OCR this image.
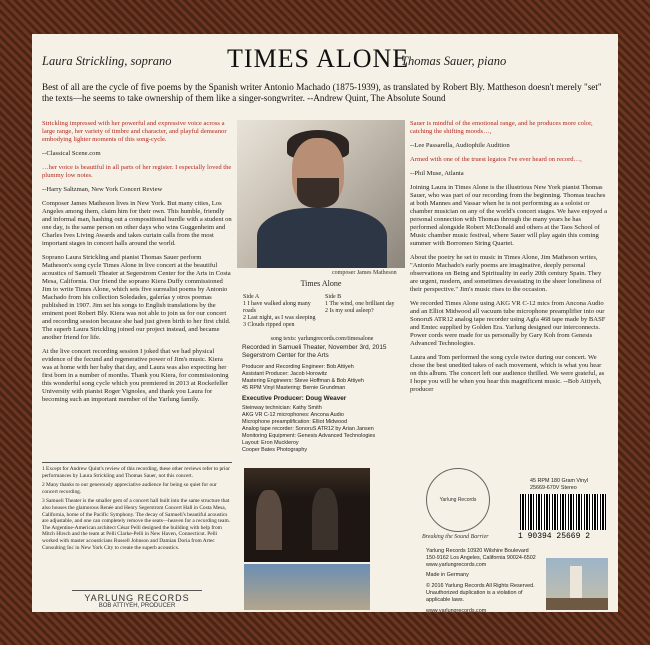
Laura Strickling, soprano TIMES ALONE
Thomas Sauer, piano
Best of all are the cycle of five poems by the Spanish writer Antonio Machado (1875-1939), as translated by Robert Bly. Mattheson doesn't merely "set" the texts—he seems to take ownership of them like a singer-songwriter. --Andrew Quint, The Absolute Sound

Strickling impressed with her powerful and expressive voice across a large range, her variety of timbre and character, and playful demeanor embodying lighter moments of this song-cycle.

--Classical Scene.com

…her voice is beautiful in all parts of her register. I especially loved the plummy low notes.

--Harry Saltzman, New York Concert Review

Composer James Matheson lives in New York. But many cities, Los Angeles among them, claim him for their own. This humble, friendly and informal man, hashing out a compositional hurdle with a student on one day, is the same person on other days who wins Guggenheim and Charles Ives Living Awards and takes curtain calls from the most important stages in concert halls around the world.

Soprano Laura Strickling and pianist Thomas Sauer perform Matheson's song cycle Times Alone in live concert at the beautiful acoustics of Samueli Theater at Segerstrom Center for the Arts in Costa Mesa, California. Our friend the soprano Kiera Duffy commissioned Jim to write Times Alone, which sets five surrealist poems by Antonio Machado from his collection Soledades, galerías y otros poemas published in 1907. Jim set his songs to English translations by the eminent poet Robert Bly. Kiera was not able to join us for our concert and recording session because she had just given birth to her first child. The superb Laura Strickling joined our project instead, and became another friend for life.

At the live concert recording session I joked that we had physical evidence of the fecund and regenerative power of Jim's music. Kiera was at home with her baby that day, and Laura was also expecting her first born in a number of months. Thank you Kiera, for commissioning this wonderful song cycle which you premiered in 2013 at Rockefeller University with pianist Roger Vignoles, and thank you Laura for becoming such an important member of the Yarlung family.

composer James Matheson
Times Alone
Side A
1 I have walked along many roads
2 Last night, as I was sleeping
3 Clouds ripped open
Side B
1 The wind, one brilliant day
2 Is my soul asleep?
song texts: yarlungrecords.com/timesalone
Recorded in Samueli Theater, November 3rd, 2015 Segerstrom Center for the Arts
Producer and Recording Engineer: Bob Attiyeh
Assistant Producer: Jacob Horowitz
Mastering Engineers: Steve Hoffman & Bob Attiyeh
45 RPM Vinyl Mastering: Bernie Grundman
Executive Producer: Doug Weaver
Steinway technician: Kathy Smith
AKG VR C-12 microphones: Ancona Audio
Microphone preamplification: Elliot Midwood
Analog tape recorder: SonoruS ATR12 by Arian Jansen
Monitoring Equipment: Genesis Advanced Technologies
Layout: Eron Muckleroy
Cooper Bates Photography

1 Except for Andrew Quint's review of this recording, these other reviews refer to prior performances by Laura Strickling and Thomas Sauer, not this concert.

2 Many thanks to our generously appreciative audience for being so quiet for our concert recording.

3 Samueli Theater is the smaller gem of a concert hall built into the same structure that also houses the glamorous Renée and Henry Segerstrom Concert Hall in Costa Mesa, California, home of the Pacific Symphony. The decay of Samueli's beautiful acoustics are adjustable, and one can completely remove the seats—heaven for a recording team. The Argentine-American architect César Pelli designed the building with help from Mitch Hirsch and the team at Pelli Clarke-Pelli in New Haven, Connecticut. Pelli worked with master acousticians Russell Johnson and Damian Doria from Artec Consulting Inc in New York City to create the superb acoustics.

YARLUNG RECORDS
BOB ATTIYEH, PRODUCER

Sauer is mindful of the emotional range, and he produces more color, catching the shifting moods…,

--Lee Passarella, Audiophile Audition

Armed with one of the truest legatos I've ever heard on record…,

--Phil Muse, Atlanta

Joining Laura in Times Alone is the illustrious New York pianist Thomas Sauer, who was part of our recording from the beginning. Thomas teaches at both Mannes and Vassar when he is not performing as a soloist or chamber musician on any of the world's concert stages. We have enjoyed a personal connection with Thomas through the many years he has performed alongside Robert McDonald and others at the Taos School of Music chamber music festival, where Sauer will play again this coming summer with Borromeo String Quartet.

About the poetry he set to music in Times Alone, Jim Matheson writes, "Antonio Machado's early poems are imaginative, deeply personal observations on Being and Spirituality in early 20th century Spain. They are urgent, modern, and sometimes devastating in the sheer loneliness of their perspective." Jim's music rises to the occasion.

We recorded Times Alone using AKG VR C-12 mics from Ancona Audio and an Elliot Midwood all vacuum tube microphone preamplifier into our SonoruS ATR12 analog tape recorder using Agfa 468 tape made by BASF and Emtec supplied by Golden Era. Yarlung designed our interconnects. Power cords were made for us personally by Gary Koh from Genesis Advanced Technologies.

Laura and Tom performed the song cycle twice during our concert. We chose the best unedited takes of each movement, which is what you hear on this album. The concert left our audience thrilled. We were grateful, as I hope you will be when you hear this magnificent music. --Bob Attiyeh, producer

Yarlung Records
Breaking the Sound Barrier
45 RPM 180 Gram Vinyl
25669-670V Stereo
1 90394 25669 2

Yarlung Records 10920 Wilshire Boulevard 150-9162 Los Angeles, California 90024-6502 www.yarlungrecords.com

Made in Germany

© 2016 Yarlung Records All Rights Reserved. Unauthorized duplication is a violation of applicable laws.

www.yarlungrecords.com
